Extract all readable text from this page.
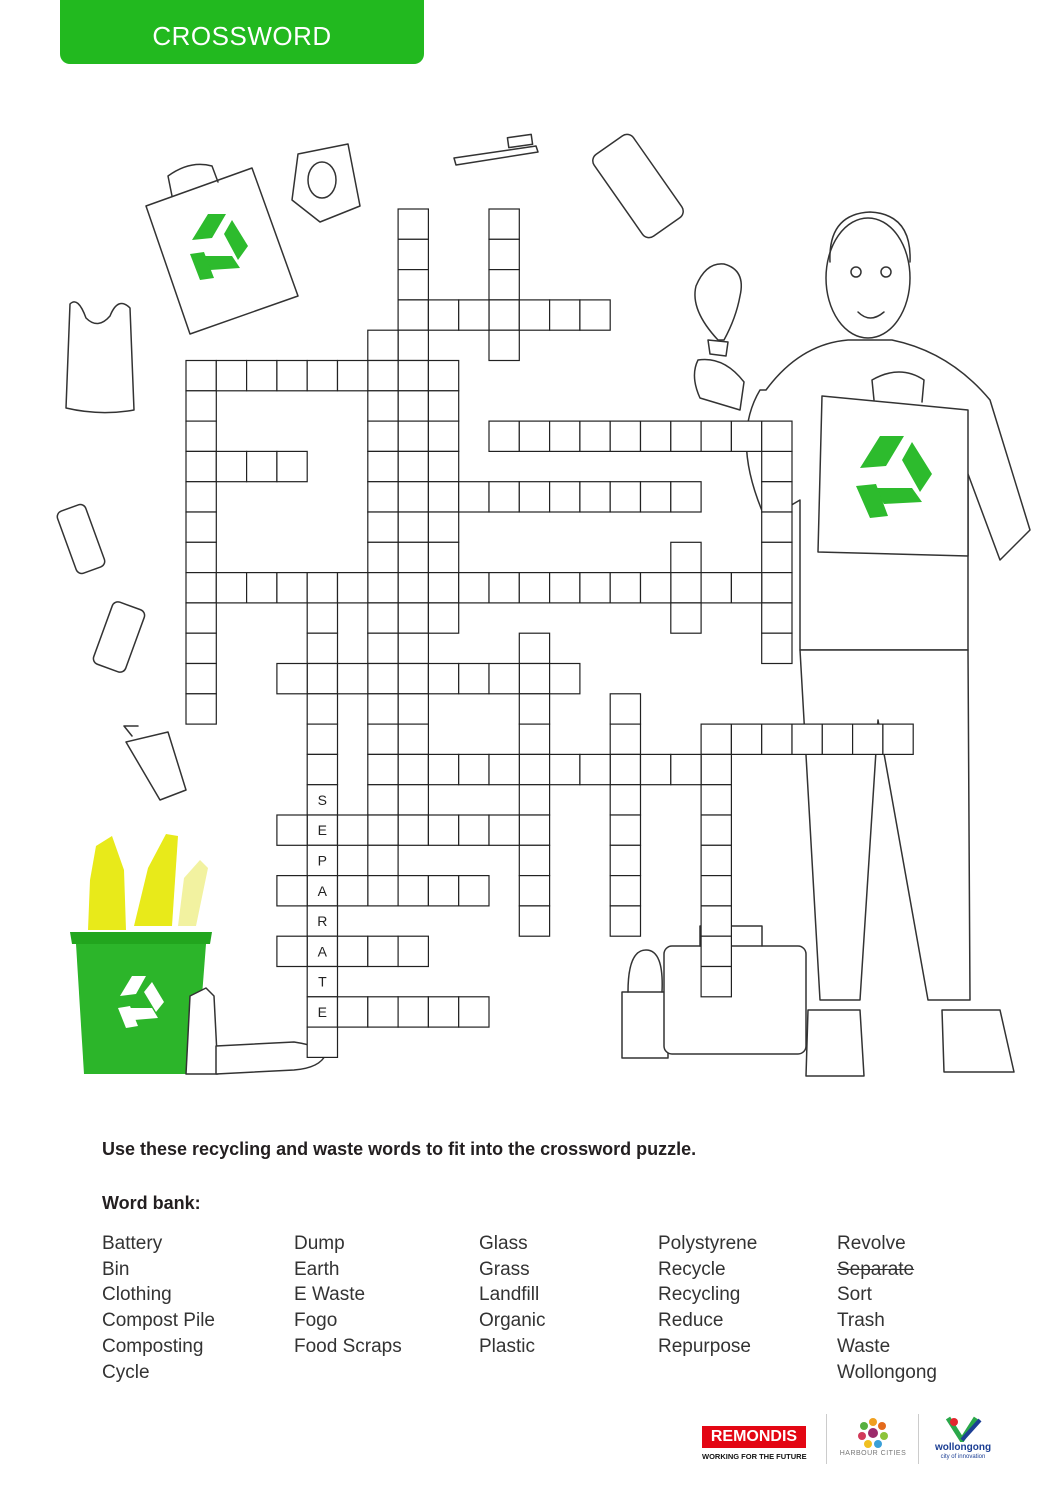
CROSSWORD
S
E
P
A
R
A
T
E
Use these recycling and waste words to fit into the crossword puzzle.
Word bank:
Battery
Bin
Clothing
Compost Pile
Composting
Cycle
Dump
Earth
E Waste
Fogo
Food Scraps
Glass
Grass
Landfill
Organic
Plastic
Polystyrene
Recycle
Recycling
Reduce
Repurpose
Revolve
Separate
Sort
Trash
Waste
Wollongong
REMONDIS
WORKING FOR THE FUTURE	HARBOUR CITIES
wollongong
city of innovation
